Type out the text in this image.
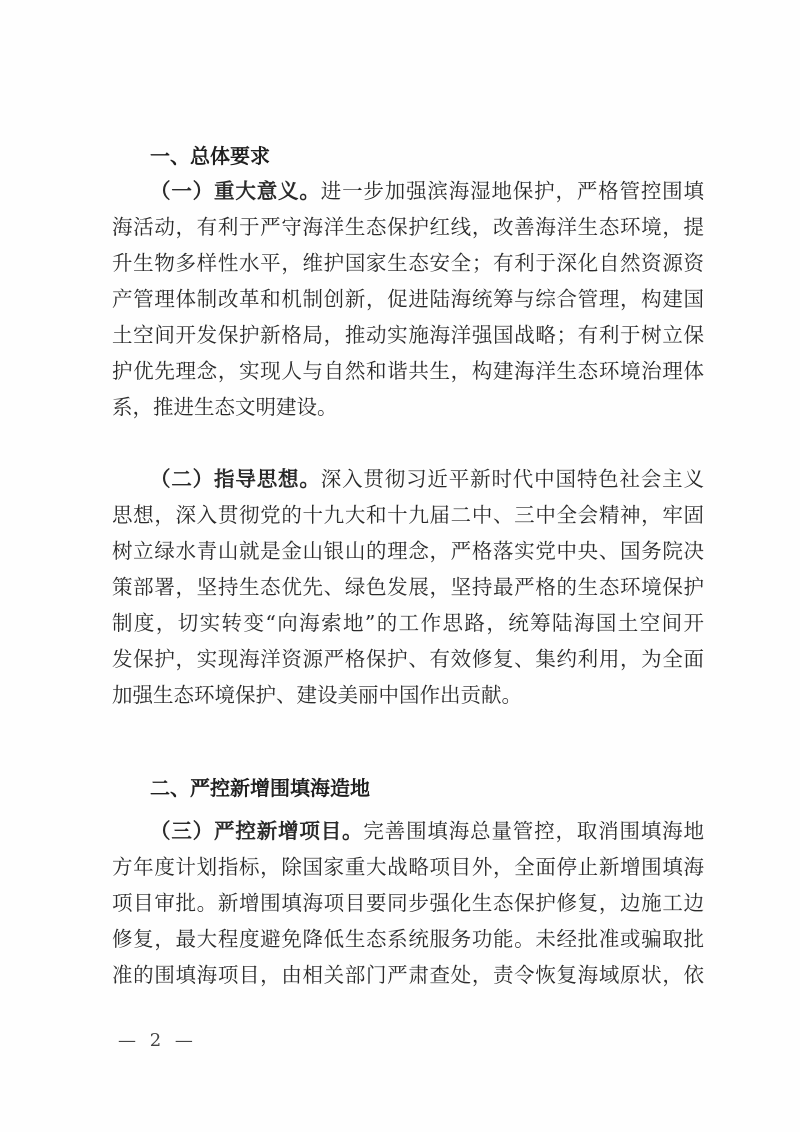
一、总体要求
（一）重大意义。进一步加强滨海湿地保护，严格管控围填
海活动，有利于严守海洋生态保护红线，改善海洋生态环境，提
升生物多样性水平，维护国家生态安全；有利于深化自然资源资
产管理体制改革和机制创新，促进陆海统筹与综合管理，构建国
土空间开发保护新格局，推动实施海洋强国战略；有利于树立保
护优先理念，实现人与自然和谐共生，构建海洋生态环境治理体
系，推进生态文明建设。
（二）指导思想。深入贯彻习近平新时代中国特色社会主义
思想，深入贯彻党的十九大和十九届二中、三中全会精神，牢固
树立绿水青山就是金山银山的理念，严格落实党中央、国务院决
策部署，坚持生态优先、绿色发展，坚持最严格的生态环境保护
制度，切实转变“向海索地”的工作思路，统筹陆海国土空间开
发保护，实现海洋资源严格保护、有效修复、集约利用，为全面
加强生态环境保护、建设美丽中国作出贡献。
二、严控新增围填海造地
（三）严控新增项目。完善围填海总量管控，取消围填海地
方年度计划指标，除国家重大战略项目外，全面停止新增围填海
项目审批。新增围填海项目要同步强化生态保护修复，边施工边
修复，最大程度避免降低生态系统服务功能。未经批准或骗取批
准的围填海项目，由相关部门严肃查处，责令恢复海域原状，依
— 2 —
